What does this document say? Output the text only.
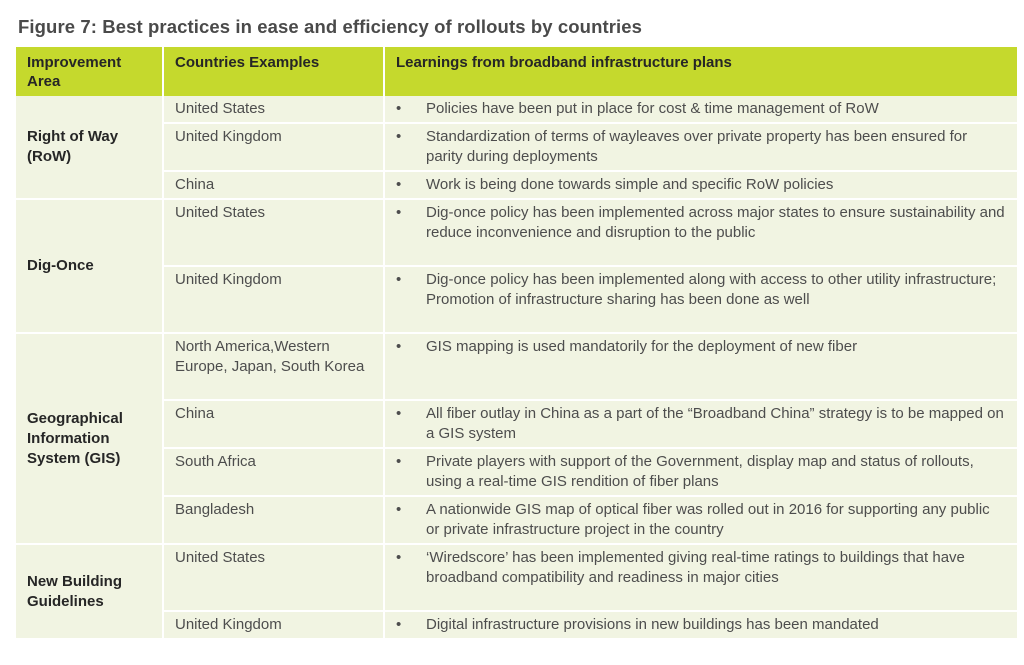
Figure 7: Best practices in ease and efficiency of rollouts by countries
Improvement Area	Countries Examples	Learnings from broadband infrastructure plans
Right of Way (RoW)	United States	• Policies have been put in place for cost & time management of RoW

	United Kingdom	• Standardization of terms of wayleaves over private property has been ensured for parity during deployments

	China	• Work is being done towards simple and specific RoW policies

Dig-Once	United States	• Dig-once policy has been implemented across major states to ensure sustainability and reduce inconvenience and disruption to the public

	United Kingdom	• Dig-once policy has been implemented along with access to other utility infrastructure; Promotion of infrastructure sharing has been done as well

Geographical Information System (GIS)	North America,Western Europe, Japan, South Korea	• GIS mapping is used mandatorily for the deployment of new fiber

	China	• All fiber outlay in China as a part of the “Broadband China” strategy is to be mapped on a GIS system

	South Africa	• Private players with support of the Government, display map and status of rollouts, using a real-time GIS rendition of fiber plans

	Bangladesh	• A nationwide GIS map of optical fiber was rolled out in 2016 for supporting any public or private infrastructure project in the country

New Building Guidelines	United States	• ‘Wiredscore’ has been implemented giving real-time ratings to buildings that have broadband compatibility and readiness in major cities

	United Kingdom	• Digital infrastructure provisions in new buildings has been mandated
